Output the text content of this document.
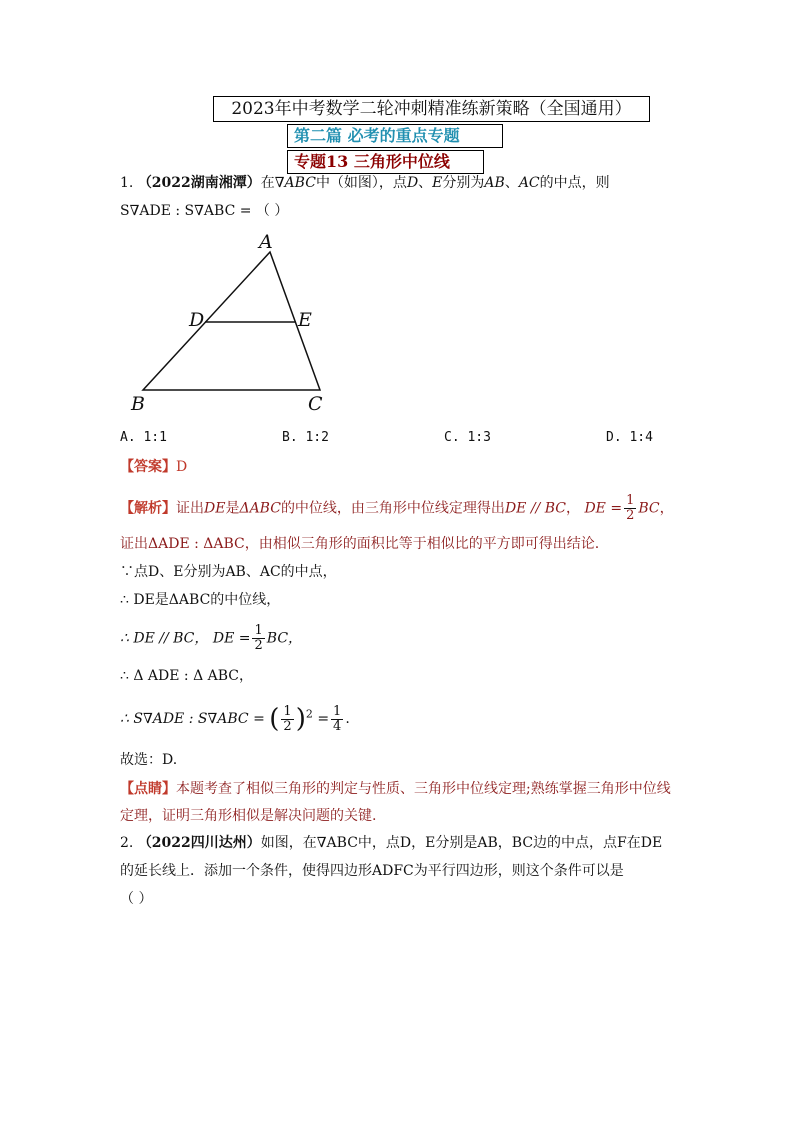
2023年中考数学二轮冲刺精准练新策略（全国通用）
第二篇 必考的重点专题
专题13 三角形中位线
1. （2022湖南湘潭）在∇ABC中（如图），点D、E分别为AB、AC的中点，则
S∇ADE : S∇ABC = （ ）
A
B	C
D	E
A. 1:1	B. 1:2	C. 1:3	D. 1:4
【答案】D
【解析】证出DE是ΔABC的中位线，由三角形中位线定理得出DE // BC， DE = $\frac{1}{2}$ BC，
证出ΔADE : ΔABC，由相似三角形的面积比等于相似比的平方即可得出结论.
∵点D、E分别为AB、AC的中点，
∴ DE是ΔABC的中位线，
∴ DE // BC， DE = $\frac{1}{2}$ BC，
∴ Δ ADE : Δ ABC，
∴ S∇ADE : S∇ABC = ( $\frac{1}{2} )^2 = \frac{1}{4}$ .
故选：D.
【点睛】本题考查了相似三角形的判定与性质、三角形中位线定理;熟练掌握三角形中位线
定理，证明三角形相似是解决问题的关键.
2. （2022四川达州）如图，在∇ABC中，点D，E分别是AB，BC边的中点，点F在DE
的延长线上．添加一个条件，使得四边形ADFC为平行四边形，则这个条件可以是
（ ）
